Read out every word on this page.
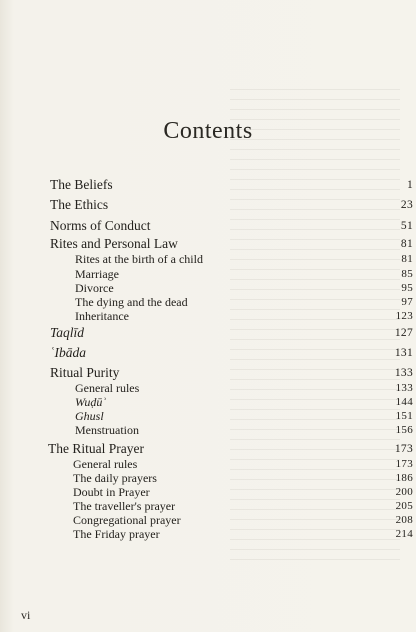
Contents
The Beliefs	1
The Ethics	23
Norms of Conduct	51
Rites and Personal Law	81
Rites at the birth of a child	81
Marriage	85
Divorce	95
The dying and the dead	97
Inheritance	123
Taqlīd	127
ʿIbāda	131
Ritual Purity	133
General rules	133
Wuḍūʾ	144
Ghusl	151
Menstruation	156
The Ritual Prayer	173
General rules	173
The daily prayers	186
Doubt in Prayer	200
The traveller's prayer	205
Congregational prayer	208
The Friday prayer	214
vi
